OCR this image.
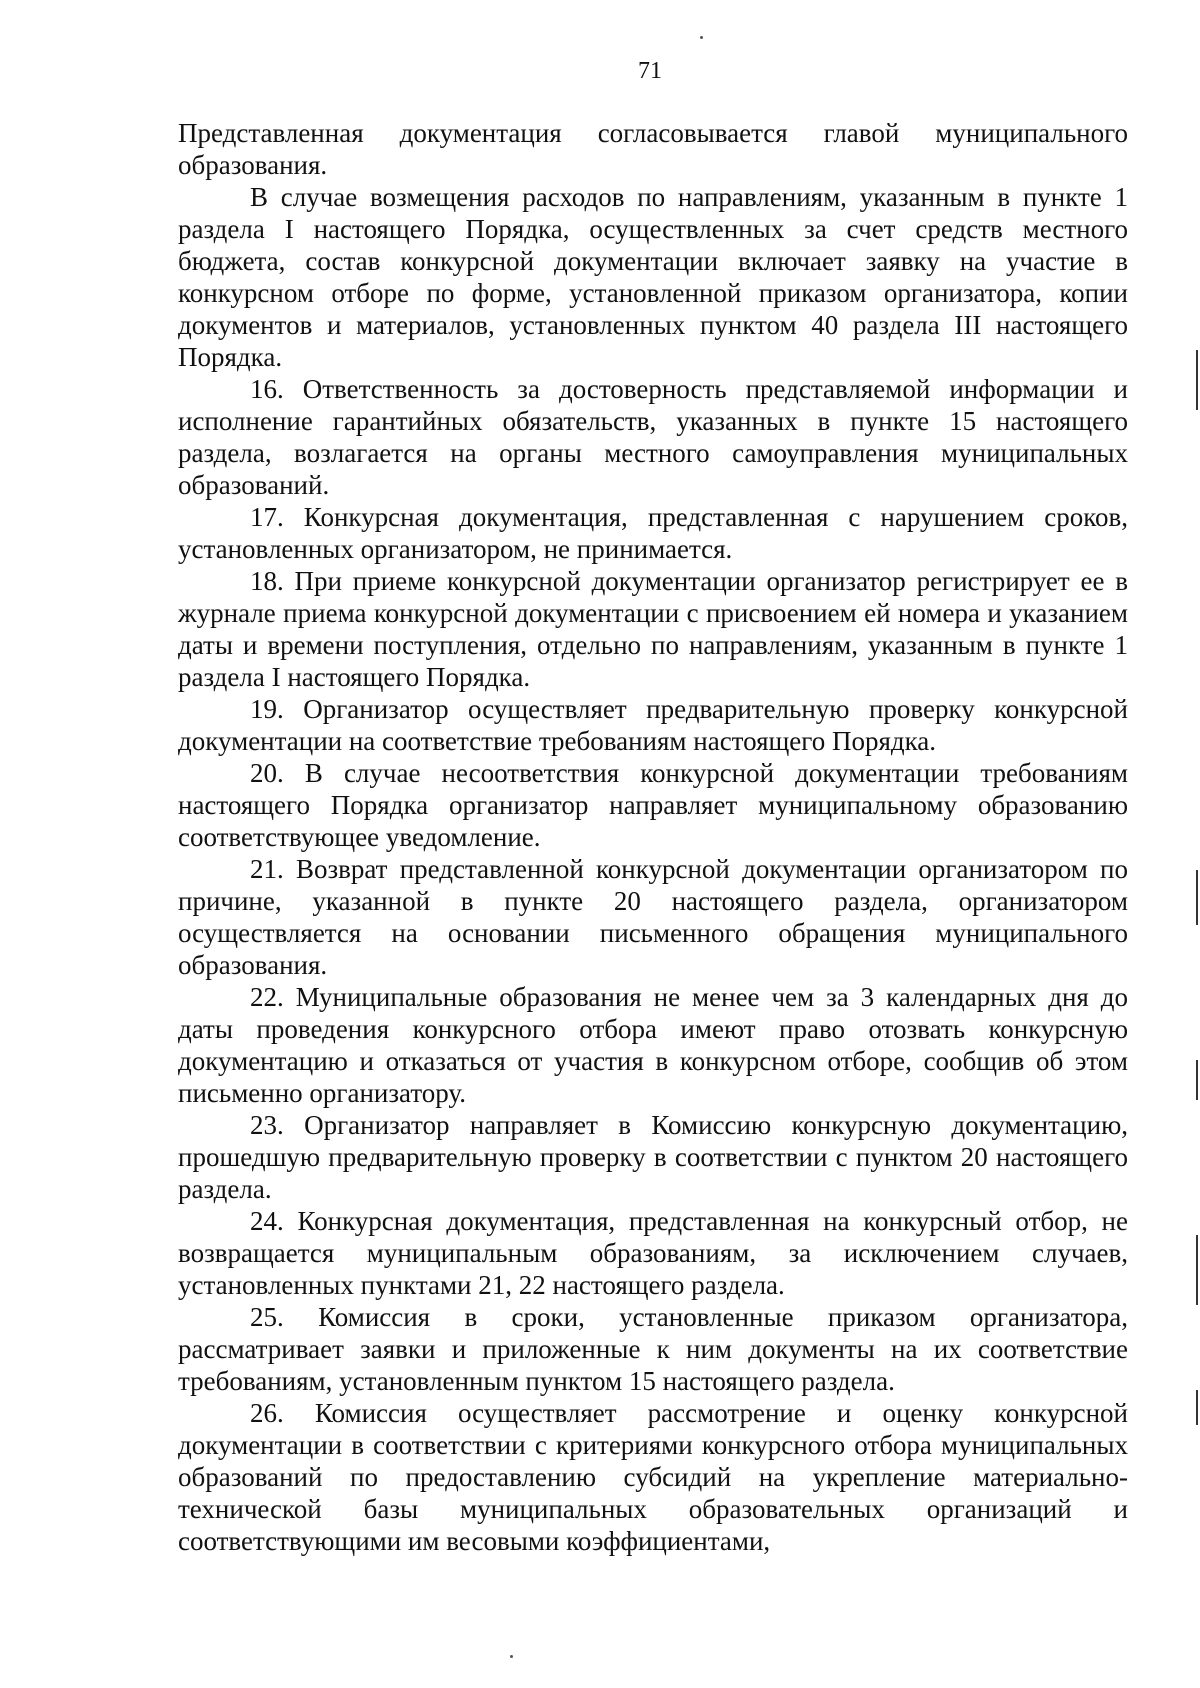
71

Представленная документация согласовывается главой муниципального образования.

В случае возмещения расходов по направлениям, указанным в пункте 1 раздела I настоящего Порядка, осуществленных за счет средств местного бюджета, состав конкурсной документации включает заявку на участие в конкурсном отборе по форме, установленной приказом организатора, копии документов и материалов, установленных пунктом 40 раздела III настоящего Порядка.

16. Ответственность за достоверность представляемой информации и исполнение гарантийных обязательств, указанных в пункте 15 настоящего раздела, возлагается на органы местного самоуправления муниципальных образований.

17. Конкурсная документация, представленная с нарушением сроков, установленных организатором, не принимается.

18. При приеме конкурсной документации организатор регистрирует ее в журнале приема конкурсной документации с присвоением ей номера и указанием даты и времени поступления, отдельно по направлениям, указанным в пункте 1 раздела I настоящего Порядка.

19. Организатор осуществляет предварительную проверку конкурсной документации на соответствие требованиям настоящего Порядка.

20. В случае несоответствия конкурсной документации требованиям настоящего Порядка организатор направляет муниципальному образованию соответствующее уведомление.

21. Возврат представленной конкурсной документации организатором по причине, указанной в пункте 20 настоящего раздела, организатором осуществляется на основании письменного обращения муниципального образования.

22. Муниципальные образования не менее чем за 3 календарных дня до даты проведения конкурсного отбора имеют право отозвать конкурсную документацию и отказаться от участия в конкурсном отборе, сообщив об этом письменно организатору.

23. Организатор направляет в Комиссию конкурсную документацию, прошедшую предварительную проверку в соответствии с пунктом 20 настоящего раздела.

24. Конкурсная документация, представленная на конкурсный отбор, не возвращается муниципальным образованиям, за исключением случаев, установленных пунктами 21, 22 настоящего раздела.

25. Комиссия в сроки, установленные приказом организатора, рассматривает заявки и приложенные к ним документы на их соответствие требованиям, установленным пунктом 15 настоящего раздела.

26. Комиссия осуществляет рассмотрение и оценку конкурсной документации в соответствии с критериями конкурсного отбора муниципальных образований по предоставлению субсидий на укрепление материально-технической базы муниципальных образовательных организаций и соответствующими им весовыми коэффициентами,
